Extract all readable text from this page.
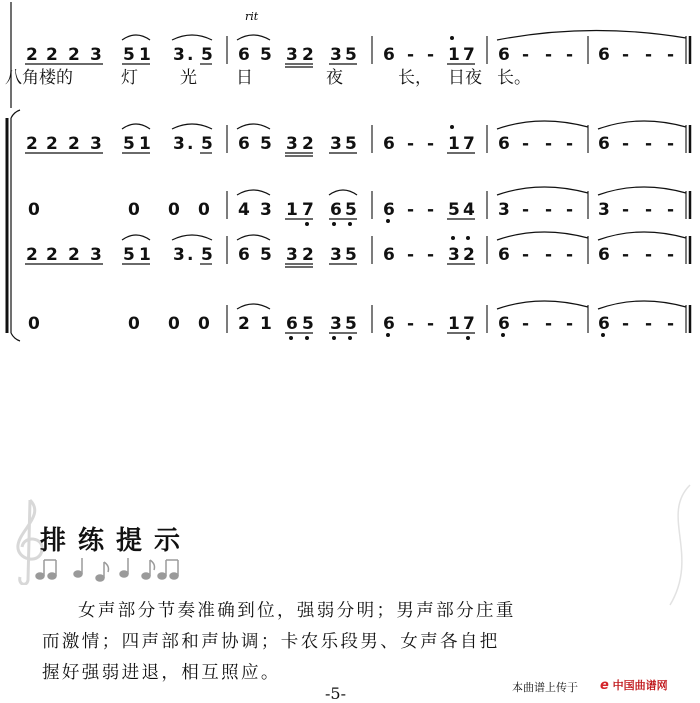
rit
2 2 2 3 5 1 3 . 5 6 5 3 2 3 5 6 - - 1 7 6 - - - 6 - - -
八角楼的	灯 光 日	夜	长， 日夜 长。
2 2 2 3 5 1 3 . 5 6 5 3 2 3 5 6 - - 1 7 6 - - - 6 - - -
0	0 0 0 4 3 1 7 6 5 6 - - 5 4 3 - - - 3 - - -
2 2 2 3 5 1 3 . 5 6 5 3 2 3 5 6 - - 3 2 6 - - - 6 - - -
0	0 0 0 2 1 6 5 3 5 6 - - 1 7 6 - - - 6 - - -
排练提示
女声部分节奏准确到位，强弱分明；男声部分庄重
而激情；四声部和声协调；卡农乐段男、女声各自把
握好强弱进退，相互照应。
-5-	本曲谱上传于 e 中国曲谱网
